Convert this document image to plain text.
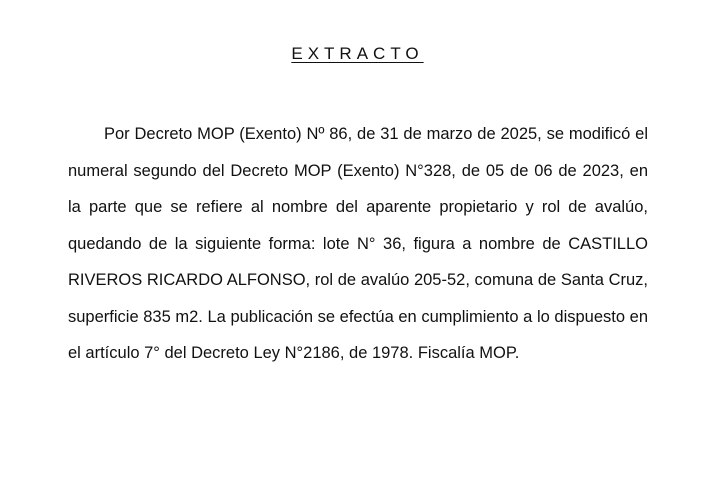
EXTRACTO

Por Decreto MOP (Exento) Nº 86, de 31 de marzo de 2025, se modificó el numeral segundo del Decreto MOP (Exento) N°328, de 05 de 06 de 2023, en la parte que se refiere al nombre del aparente propietario y rol de avalúo, quedando de la siguiente forma: lote N° 36, figura a nombre de CASTILLO RIVEROS RICARDO ALFONSO, rol de avalúo 205-52, comuna de Santa Cruz, superficie 835 m2. La publicación se efectúa en cumplimiento a lo dispuesto en el artículo 7° del Decreto Ley N°2186, de 1978. Fiscalía MOP.
